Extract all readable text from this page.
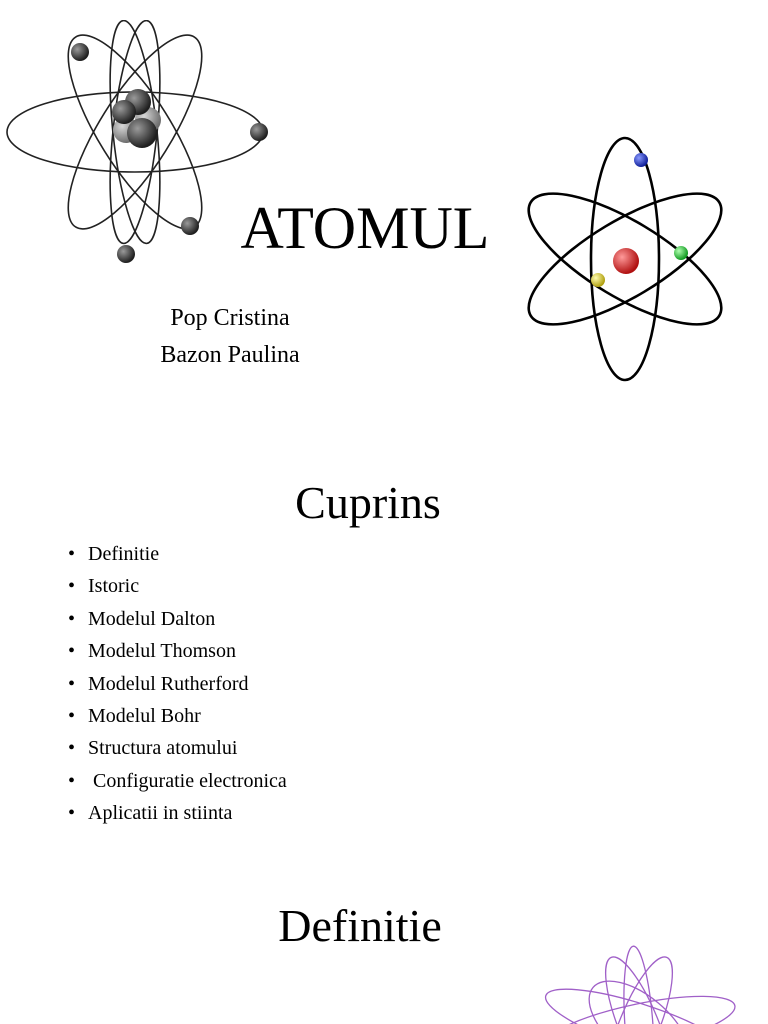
ATOMUL
Pop Cristina
Bazon Paulina
Cuprins
• Definitie
• Istoric
• Modelul Dalton
• Modelul Thomson
• Modelul Rutherford
• Modelul Bohr
• Structura atomului
• Configuratie electronica
• Aplicatii in stiinta
Definitie
